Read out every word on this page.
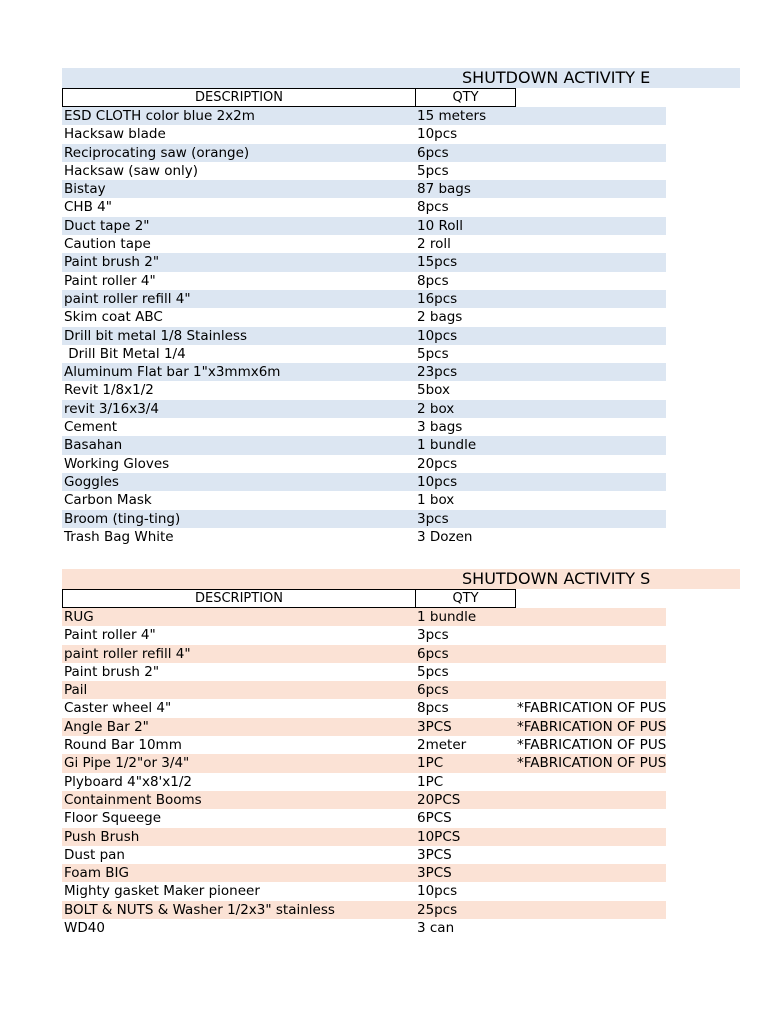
SHUTDOWN ACTIVITY E
DESCRIPTION	QTY
ESD CLOTH color blue 2x2m	15 meters
Hacksaw blade	10pcs
Reciprocating saw (orange)	6pcs
Hacksaw (saw only)	5pcs
Bistay	87 bags
CHB 4"	8pcs
Duct tape 2"	10 Roll
Caution tape	2 roll
Paint brush 2"	15pcs
Paint roller 4"	8pcs
paint roller refill 4"	16pcs
Skim coat ABC	2 bags
Drill bit metal 1/8 Stainless	10pcs
Drill Bit Metal 1/4	5pcs
Aluminum Flat bar 1"x3mmx6m	23pcs
Revit 1/8x1/2	5box
revit 3/16x3/4	2 box
Cement	3 bags
Basahan	1 bundle
Working Gloves	20pcs
Goggles	10pcs
Carbon Mask	1 box
Broom (ting-ting)	3pcs
Trash Bag White	3 Dozen
SHUTDOWN ACTIVITY S
DESCRIPTION	QTY
RUG	1 bundle
Paint roller 4"	3pcs
paint roller refill 4"	6pcs
Paint brush 2"	5pcs
Pail	6pcs
Caster wheel 4"	8pcs	*FABRICATION OF PUS
Angle Bar 2"	3PCS	*FABRICATION OF PUS
Round Bar 10mm	2meter	*FABRICATION OF PUS
Gi Pipe 1/2"or 3/4"	1PC	*FABRICATION OF PUS
Plyboard 4"x8'x1/2	1PC
Containment Booms	20PCS
Floor Squeege	6PCS
Push Brush	10PCS
Dust pan	3PCS
Foam BIG	3PCS
Mighty gasket Maker pioneer	10pcs
BOLT & NUTS & Washer 1/2x3" stainless	25pcs
WD40	3 can
